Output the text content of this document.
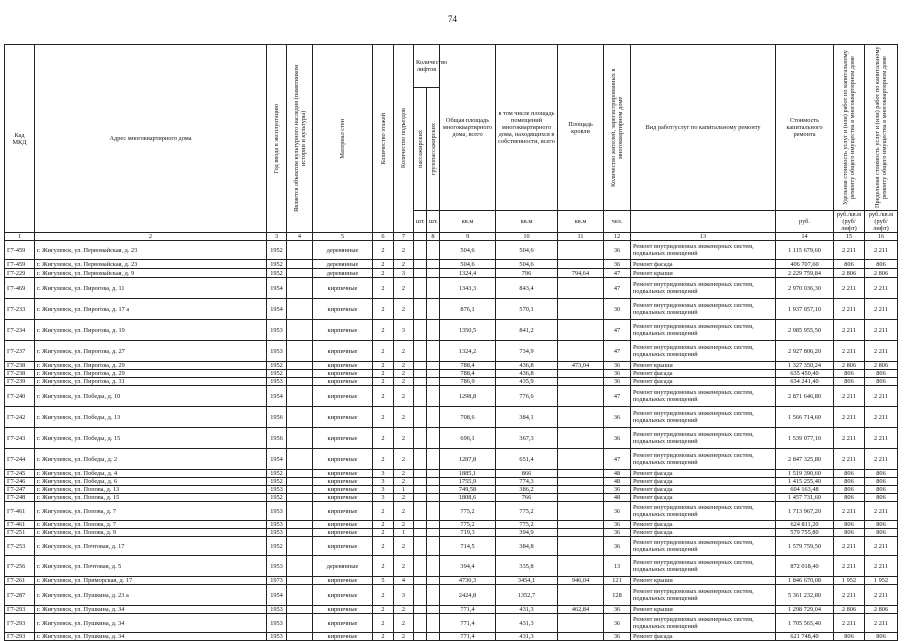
74
Кад МКД	Адрес многоквартирного дома	Год ввода в эксплуатацию	Является объектом культурного наследия (памятником истории и культуры)	Материал стен	Количество этажей	Количество подъездов	Количество лифтов		Общая площадь многоквартирного дома, всего	в том числе площадь помещений многоквартирного дома, находящихся в собственности, всего	Площадь кровли	Количество жителей, зарегистрированных в многоквартирном доме	Вид работ/услуг по капитальному ремонту	Стоимость капитального ремонта	Удельная стоимость услуг и (или) работ по капитальному ремонту общего имущества в многоквартирном доме	Предельная стоимость услуг и (или) работ по капитальному ремонту общего имущества в многоквартирном доме

							пассажирских	грузопассажирских								

							шт.	шт.	кв.м	кв.м	кв.м	чел.		руб.	руб./кв.м (руб/лифт)	руб./кв.м (руб/лифт)
1	2	3	4	5	6	7		8	9	10	11	12	13	14	15	16
Г7-459	г. Жигулевск, ул. Первомайская, д. 23	1952		деревянные	2	2			504,6	504,6		36	Ремонт внутридомовых инженерных систем, подвальных помещений	1 115 679,60	2 211	2 211
Г7-459	г. Жигулевск, ул. Первомайская, д. 23	1952		деревянные	2	2			504,6	504,6		36	Ремонт фасада	406 707,60	806	806
Г7-229	г. Жигулевск, ул. Первомайская, д. 9	1952		деревянные	2	3			1324,4	796	794,64	47	Ремонт крыши	2 229 759,84	2 806	2 806
Г7-469	г. Жигулевск, ул. Пирогова, д. 11	1954		кирпичные	2	2			1343,3	843,4		47	Ремонт внутридомовых инженерных систем, подвальных помещений	2 970 036,30	2 211	2 211
Г7-233	г. Жигулевск, ул. Пирогова, д. 17 а	1954		кирпичные	2	2			876,1	570,1		30	Ремонт внутридомовых инженерных систем, подвальных помещений	1 937 057,10	2 211	2 211
Г7-234	г. Жигулевск, ул. Пирогова, д. 19	1953		кирпичные	2	3			1350,5	841,2		47	Ремонт внутридомовых инженерных систем, подвальных помещений	2 985 955,50	2 211	2 211
Г7-237	г. Жигулевск, ул. Пирогова, д. 27	1953		кирпичные	2	2			1324,2	734,9		47	Ремонт внутридомовых инженерных систем, подвальных помещений	2 927 806,20	2 211	2 211
Г7-238	г. Жигулевск, ул. Пирогова, д. 29	1952		кирпичные	2	2			788,4	436,8	473,04	36	Ремонт крыши	1 327 350,24	2 806	2 806
Г7-238	г. Жигулевск, ул. Пирогова, д. 29	1952		кирпичные	2	2			788,4	436,8		36	Ремонт фасада	635 450,40	806	806
Г7-239	г. Жигулевск, ул. Пирогова, д. 31	1953		кирпичные	2	2			786,9	435,9		36	Ремонт фасада	634 241,40	806	806
Г7-240	г. Жигулевск, ул. Победы, д. 10	1954		кирпичные	2	2			1298,8	776,6		47	Ремонт внутридомовых инженерных систем, подвальных помещений	2 871 646,80	2 211	2 211
Г7-242	г. Жигулевск, ул. Победы, д. 13	1956		кирпичные	2	2			708,6	384,1		36	Ремонт внутридомовых инженерных систем, подвальных помещений	1 566 714,60	2 211	2 211
Г7-243	г. Жигулевск, ул. Победы, д. 15	1956		кирпичные	2	2			696,1	367,3		36	Ремонт внутридомовых инженерных систем, подвальных помещений	1 539 077,10	2 211	2 211
Г7-244	г. Жигулевск, ул. Победы, д. 2	1954		кирпичные	2	2			1287,8	651,4		47	Ремонт внутридомовых инженерных систем, подвальных помещений	2 847 325,80	2 211	2 211
Г7-245	г. Жигулевск, ул. Победы, д. 4	1952		кирпичные	3	2			1885,1	866		48	Ремонт фасада	1 519 390,60	806	806
Г7-246	г. Жигулевск, ул. Победы, д. 6	1952		кирпичные	3	2			1755,9	774,3		48	Ремонт фасада	1 415 255,40	806	806
Г7-247	г. Жигулевск, ул. Попова, д. 13	1953		кирпичные	3	1			749,58	386,2		36	Ремонт фасада	604 163,48	806	806
Г7-248	г. Жигулевск, ул. Попова, д. 15	1952		кирпичные	3	2			1808,6	766		48	Ремонт фасада	1 457 731,60	806	806
Г7-461	г. Жигулевск, ул. Попова, д. 7	1953		кирпичные	2	2			775,2	775,2		36	Ремонт внутридомовых инженерных систем, подвальных помещений	1 713 967,20	2 211	2 211
Г7-461	г. Жигулевск, ул. Попова, д. 7	1953		кирпичные	2	2			775,2	775,2		36	Ремонт фасада	624 811,20	806	806
Г7-251	г. Жигулевск, ул. Попова, д. 9	1953		кирпичные	2	1			719,3	394,9		36	Ремонт фасада	579 755,80	806	806
Г7-253	г. Жигулевск, ул. Почтовая, д. 17	1952		кирпичные	2	2			714,5	384,8		36	Ремонт внутридомовых инженерных систем, подвальных помещений	1 579 759,50	2 211	2 211
Г7-256	г. Жигулевск, ул. Почтовая, д. 5	1953		деревянные	2	2			394,4	335,8		13	Ремонт внутридомовых инженерных систем, подвальных помещений	872 018,40	2 211	2 211
Г7-261	г. Жигулевск, ул. Приморская, д. 17	1973		кирпичные	5	4			4730,3	3454,1	946,04	121	Ремонт крыши	1 846 670,08	1 952	1 952
Г7-287	г. Жигулевск, ул. Пушкина, д. 23 а	1954		кирпичные	2	3			2424,8	1352,7		128	Ремонт внутридомовых инженерных систем, подвальных помещений	5 361 232,80	2 211	2 211
Г7-293	г. Жигулевск, ул. Пушкина, д. 34	1953		кирпичные	2	2			771,4	431,3	462,84	36	Ремонт крыши	1 298 729,04	2 806	2 806
Г7-293	г. Жигулевск, ул. Пушкина, д. 34	1953		кирпичные	2	2			771,4	431,3		36	Ремонт внутридомовых инженерных систем, подвальных помещений	1 705 565,40	2 211	2 211
Г7-293	г. Жигулевск, ул. Пушкина, д. 34	1953		кирпичные	2	2			771,4	431,3		36	Ремонт фасада	621 748,40	806	806
